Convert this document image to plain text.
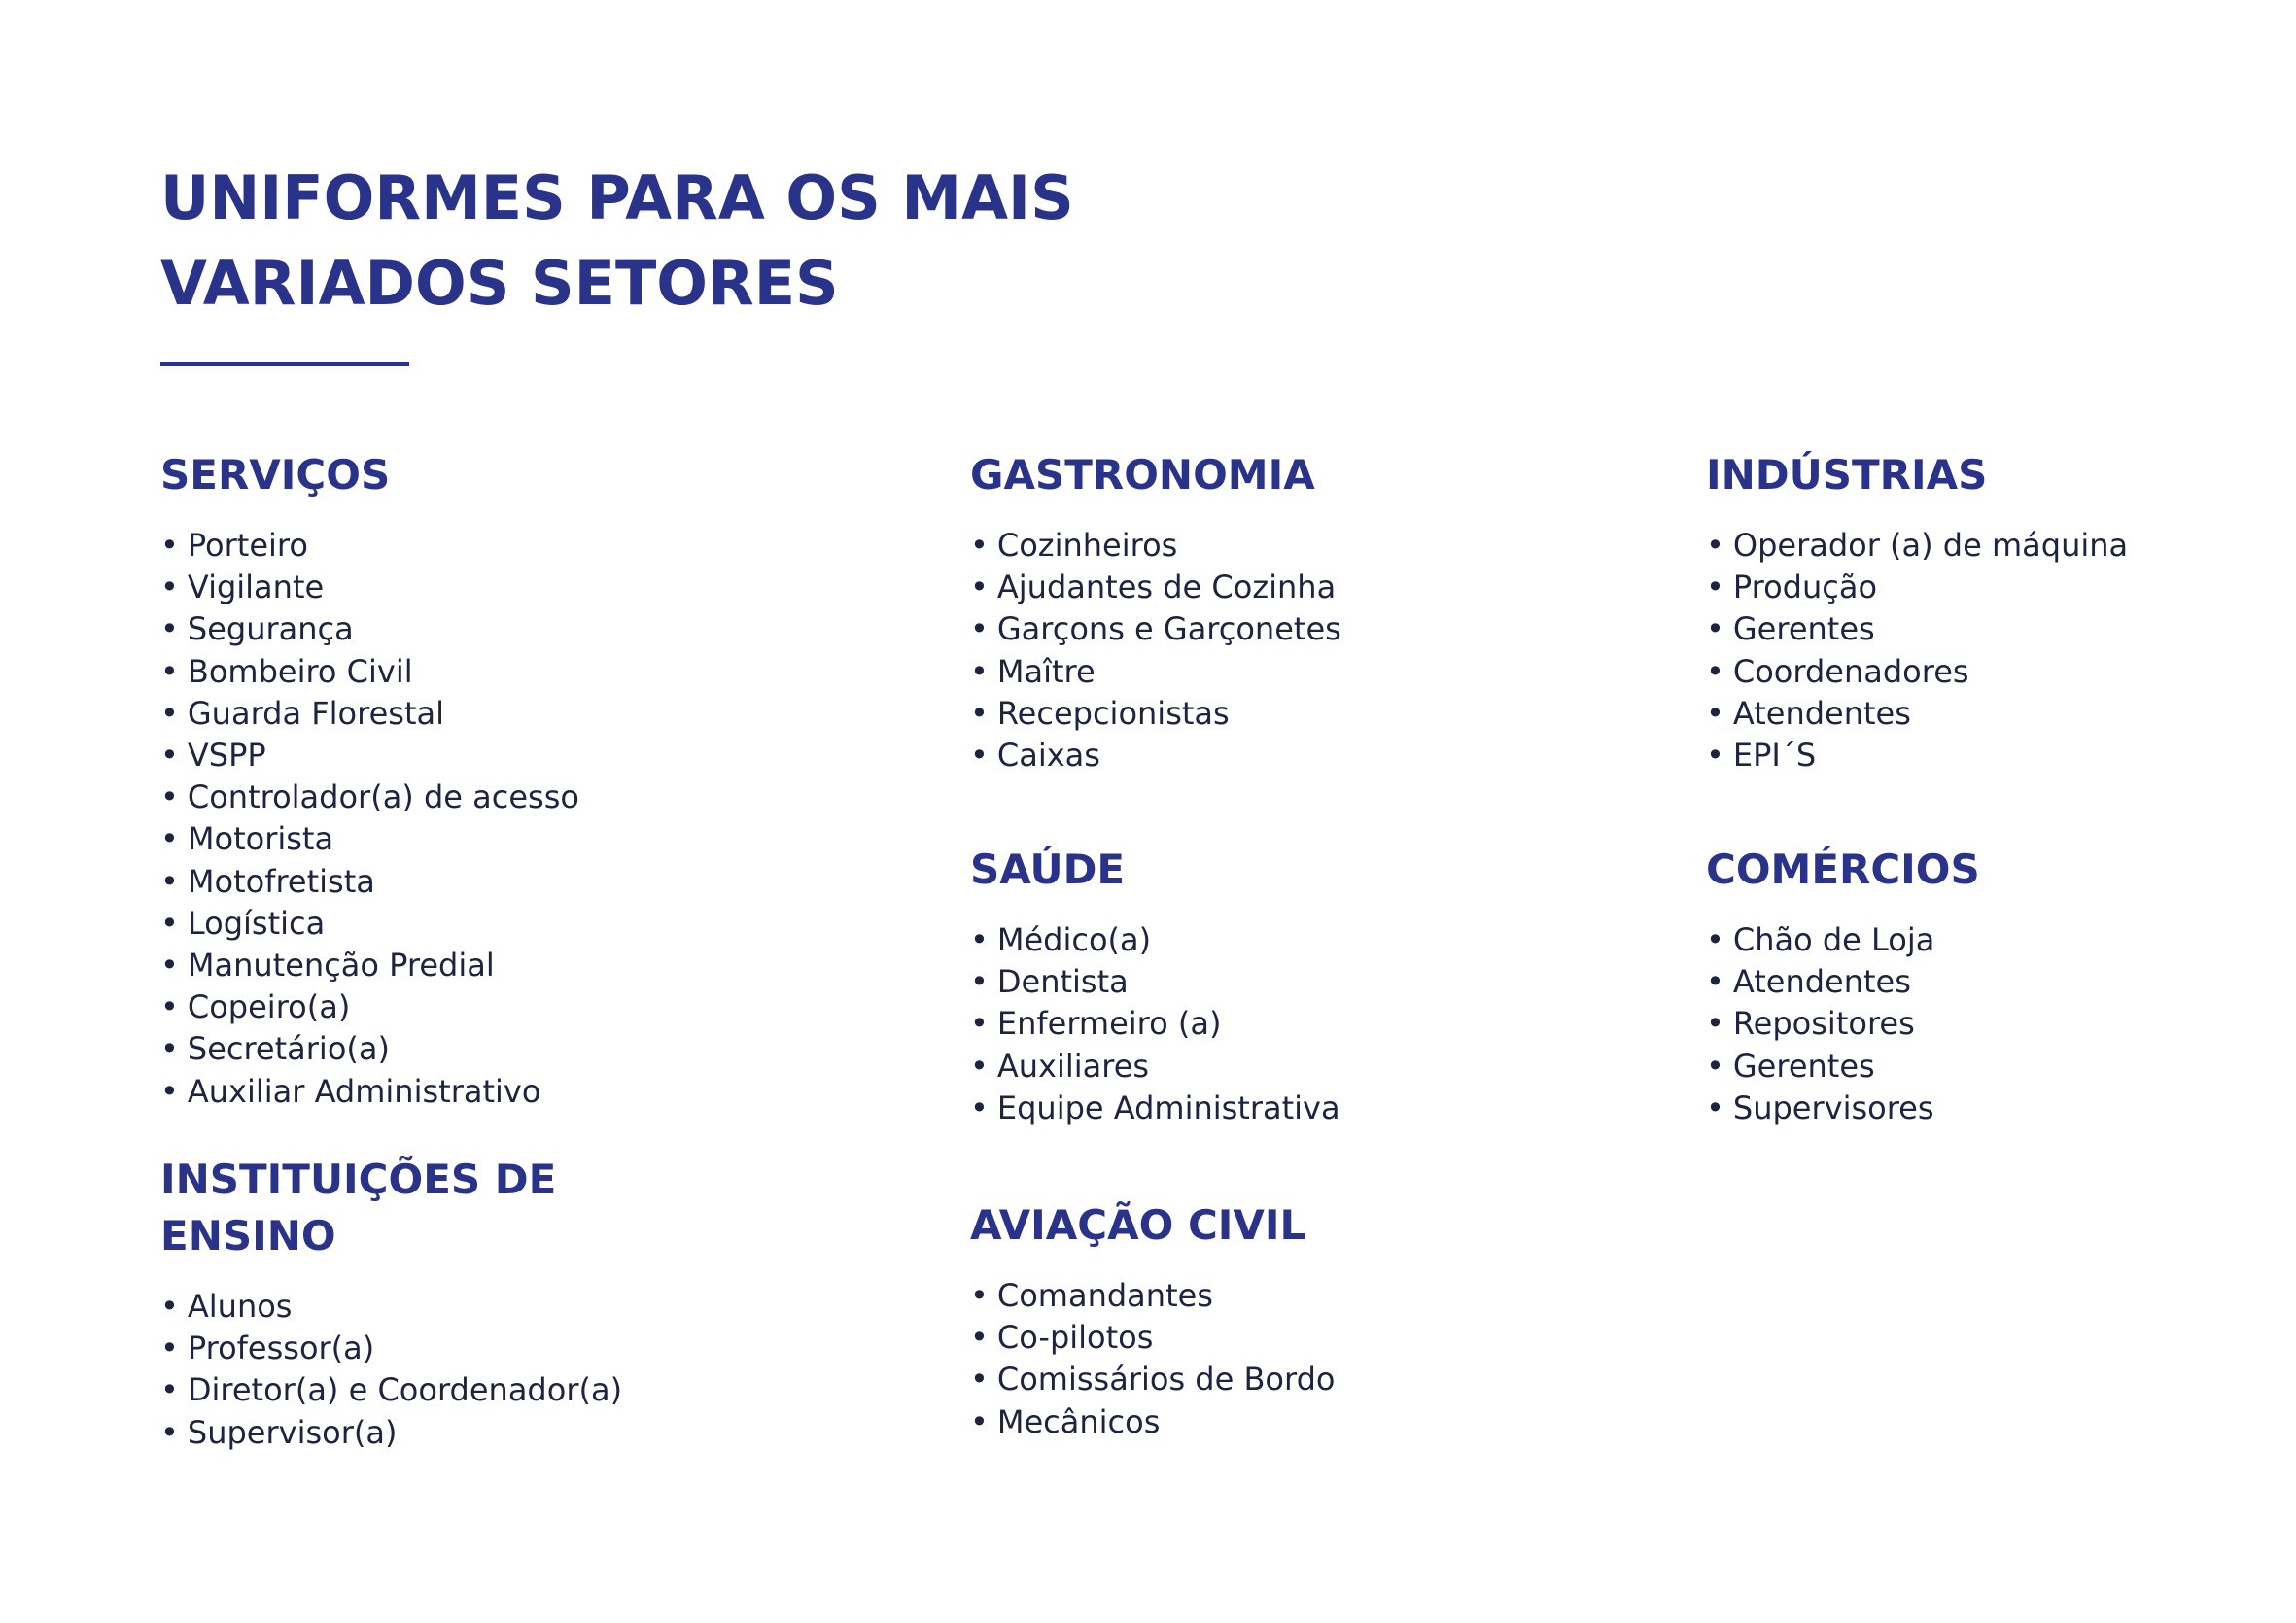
UNIFORMES PARA OS MAIS
VARIADOS SETORES
SERVIÇOS
• Porteiro
• Vigilante
• Segurança
• Bombeiro Civil
• Guarda Florestal
• VSPP
• Controlador(a) de acesso
• Motorista
• Motofretista
• Logística
• Manutenção Predial
• Copeiro(a)
• Secretário(a)
• Auxiliar Administrativo
INSTITUIÇÕES DE
ENSINO
• Alunos
• Professor(a)
• Diretor(a) e Coordenador(a)
• Supervisor(a)
GASTRONOMIA
• Cozinheiros
• Ajudantes de Cozinha
• Garçons e Garçonetes
• Maître
• Recepcionistas
• Caixas
SAÚDE
• Médico(a)
• Dentista
• Enfermeiro (a)
• Auxiliares
• Equipe Administrativa
AVIAÇÃO CIVIL
• Comandantes
• Co-pilotos
• Comissários de Bordo
• Mecânicos
INDÚSTRIAS
• Operador (a) de máquina
• Produção
• Gerentes
• Coordenadores
• Atendentes
• EPI´S
COMÉRCIOS
• Chão de Loja
• Atendentes
• Repositores
• Gerentes
• Supervisores
